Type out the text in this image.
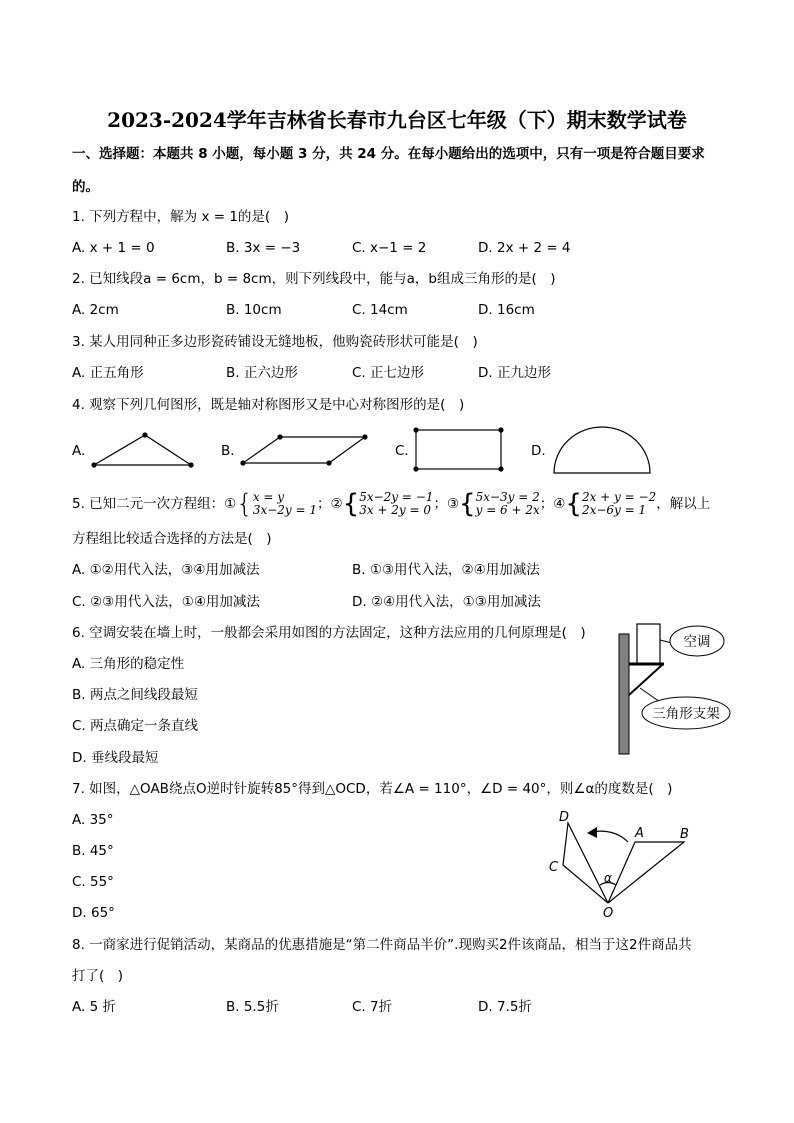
2023-2024学年吉林省长春市九台区七年级（下）期末数学试卷
一、选择题：本题共 8 小题，每小题 3 分，共 24 分。在每小题给出的选项中，只有一项是符合题目要求
的。
1. 下列方程中，解为 x = 1的是(　)
A. x + 1 = 0	B. 3x = −3	C. x−1 = 2	D. 2x + 2 = 4
2. 已知线段a = 6cm，b = 8cm，则下列线段中，能与a，b组成三角形的是(　)
A. 2cm	B. 10cm	C. 14cm	D. 16cm
3. 某人用同种正多边形瓷砖铺设无缝地板，他购瓷砖形状可能是(　)
A. 正五角形	B. 正六边形	C. 正七边形	D. 正九边形
4. 观察下列几何图形，既是轴对称图形又是中心对称图形的是(　)
A.	B.	C.	D.
5. 已知二元一次方程组： ① { x = y
3x−2y = 1 ； ② { 5x−2y = −1
3x + 2y = 0 ； ③ { 5x−3y = 2
y = 6 + 2x ； ④ { 2x + y = −2
2x−6y = 1 ，解以上
方程组比较适合选择的方法是(　)
A. ①②用代入法，③④用加减法	B. ①③用代入法，②④用加减法
C. ②③用代入法，①④用加减法	D. ②④用代入法，①③用加减法
6. 空调安装在墙上时，一般都会采用如图的方法固定，这种方法应用的几何原理是(　)
A. 三角形的稳定性
B. 两点之间线段最短
C. 两点确定一条直线
D. 垂线段最短
空调
三角形支架
7. 如图，△OAB绕点O逆时针旋转85°得到△OCD，若∠A = 110°，∠D = 40°，则∠α的度数是(　)
A. 35°
B. 45°
C. 55°
D. 65°
D
A	B
C
O
α
8. 一商家进行促销活动，某商品的优惠措施是“第二件商品半价”.现购买2件该商品，相当于这2件商品共
打了(　)
A. 5 折	B. 5.5折	C. 7折	D. 7.5折
